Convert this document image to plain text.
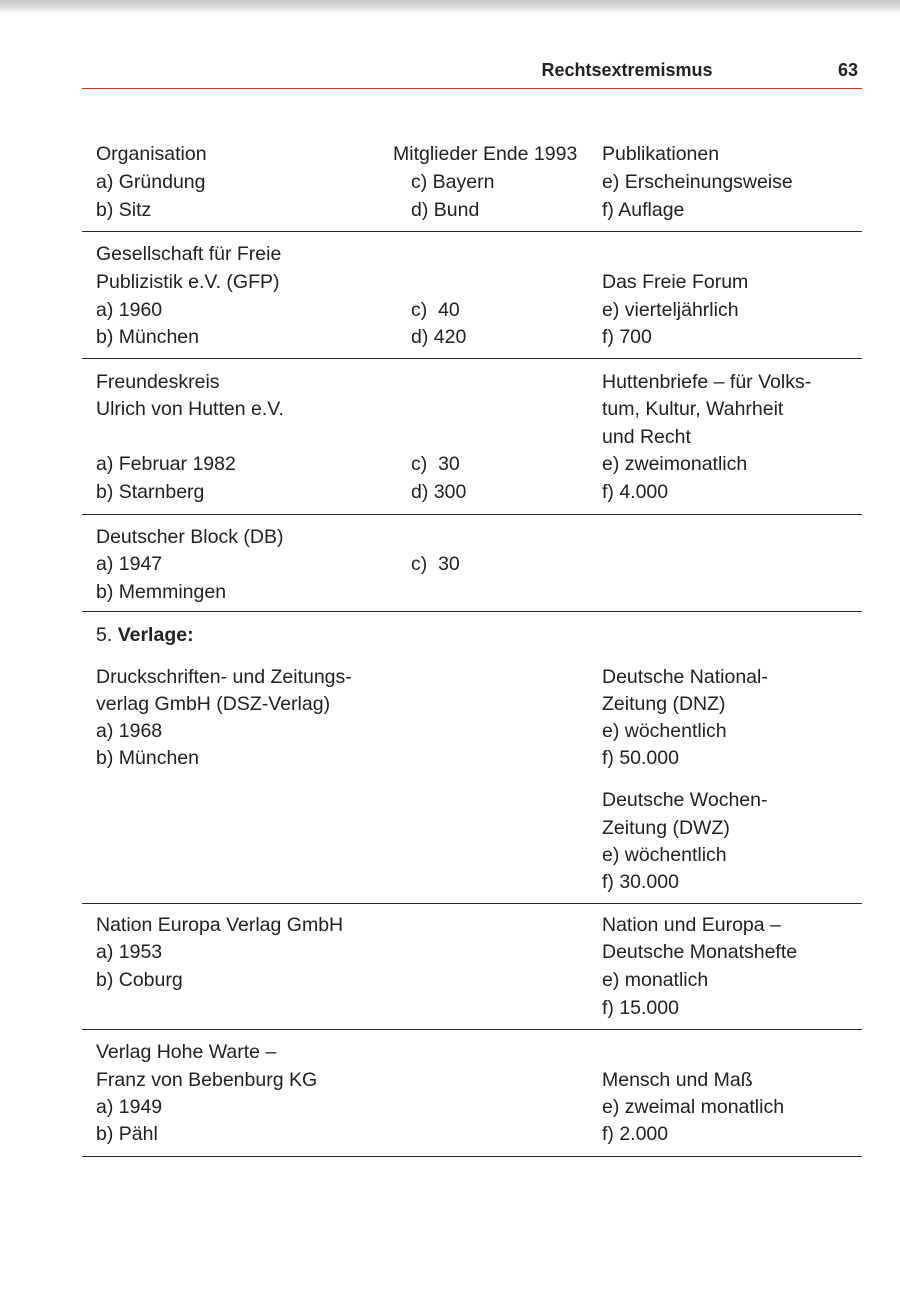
Rechtsextremismus	63
Organisation
a) Gründung
b) Sitz
Mitglieder Ende 1993
c) Bayern
d) Bund
Publikationen
e) Erscheinungsweise
f) Auflage
Gesellschaft für Freie
Publizistik e.V. (GFP)
a) 1960
b) München
c)  40
d) 420
Das Freie Forum
e) vierteljährlich
f) 700
Freundeskreis
Ulrich von Hutten e.V.
a) Februar 1982
b) Starnberg
c)  30
d) 300
Huttenbriefe – für Volks-
tum, Kultur, Wahrheit
und Recht
e) zweimonatlich
f) 4.000
Deutscher Block (DB)
a) 1947
b) Memmingen
c)  30
5. Verlage:
Druckschriften- und Zeitungs-
verlag GmbH (DSZ-Verlag)
a) 1968
b) München
Deutsche National-
Zeitung (DNZ)
e) wöchentlich
f) 50.000
Deutsche Wochen-
Zeitung (DWZ)
e) wöchentlich
f) 30.000
Nation Europa Verlag GmbH
a) 1953
b) Coburg
Nation und Europa –
Deutsche Monatshefte
e) monatlich
f) 15.000
Verlag Hohe Warte –
Franz von Bebenburg KG
a) 1949
b) Pähl
Mensch und Maß
e) zweimal monatlich
f) 2.000
